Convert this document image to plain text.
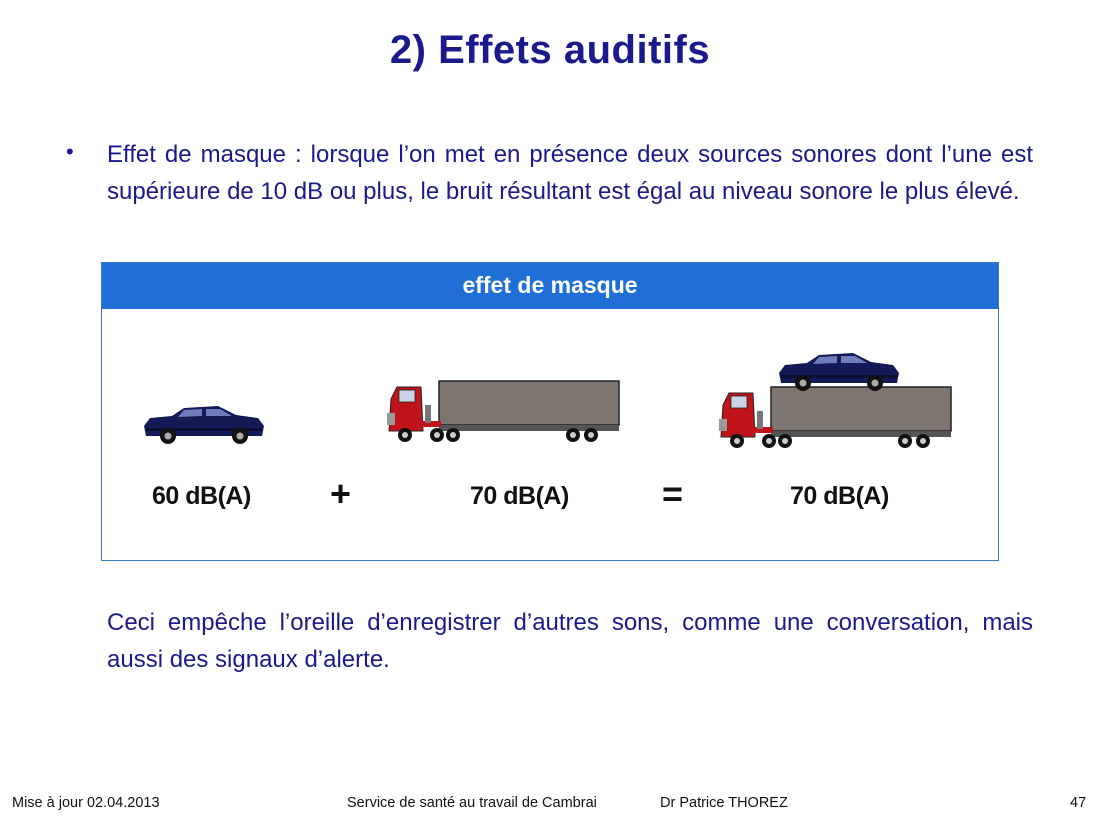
2) Effets auditifs
• Effet de masque : lorsque l’on met en présence deux sources sonores dont l’une est supérieure de 10 dB ou plus, le bruit résultant est égal au niveau sonore le plus élevé.
effet de masque
60 dB(A) +	70 dB(A)	=	70 dB(A)
Ceci empêche l’oreille d’enregistrer d’autres sons, comme une conversation, mais aussi des signaux d’alerte.
Mise à jour 02.04.2013	Service de santé au travail de Cambrai	Dr Patrice THOREZ	47
